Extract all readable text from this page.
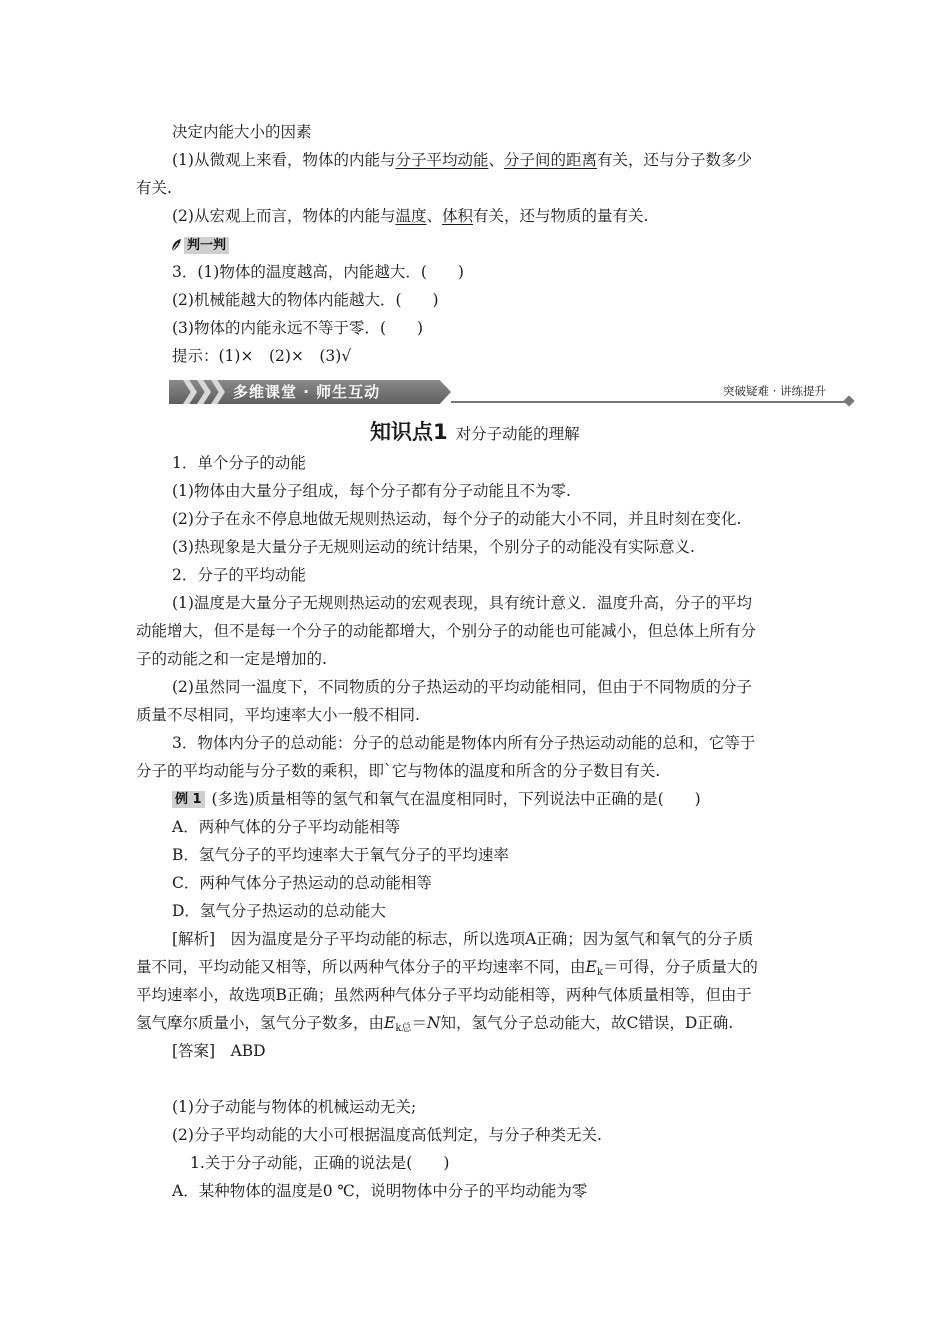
决定内能大小的因素
(1)从微观上来看，物体的内能与分子平均动能、分子间的距离有关，还与分子数多少
有关.
(2)从宏观上而言，物体的内能与温度、体积有关，还与物质的量有关.
判一判
3．(1)物体的温度越高，内能越大．(　　)
(2)机械能越大的物体内能越大．(　　)
(3)物体的内能永远不等于零．(　　)
提示：(1)×　(2)×　(3)√
多维课堂 · 师生互动	突破疑难 · 讲练提升
知识点1 对分子动能的理解
1．单个分子的动能
(1)物体由大量分子组成，每个分子都有分子动能且不为零.
(2)分子在永不停息地做无规则热运动，每个分子的动能大小不同，并且时刻在变化.
(3)热现象是大量分子无规则运动的统计结果，个别分子的动能没有实际意义.
2．分子的平均动能
(1)温度是大量分子无规则热运动的宏观表现，具有统计意义．温度升高，分子的平均
动能增大，但不是每一个分子的动能都增大，个别分子的动能也可能减小，但总体上所有分
子的动能之和一定是增加的.
(2)虽然同一温度下，不同物质的分子热运动的平均动能相同，但由于不同物质的分子
质量不尽相同，平均速率大小一般不相同.
3．物体内分子的总动能：分子的总动能是物体内所有分子热运动动能的总和，它等于
分子的平均动能与分子数的乘积，即`它与物体的温度和所含的分子数目有关.
例 1 (多选)质量相等的氢气和氧气在温度相同时，下列说法中正确的是(　　)
A．两种气体的分子平均动能相等
B．氢气分子的平均速率大于氧气分子的平均速率
C．两种气体分子热运动的总动能相等
D．氢气分子热运动的总动能大
[解析]　因为温度是分子平均动能的标志，所以选项A正确；因为氢气和氧气的分子质
量不同，平均动能又相等，所以两种气体分子的平均速率不同，由$E_k=$可得，分子质量大的
平均速率小，故选项B正确；虽然两种气体分子平均动能相等，两种气体质量相等，但由于
氢气摩尔质量小，氢气分子数多，由$E_{k总}=N$知，氢气分子总动能大，故C错误，D正确.
[答案]　ABD
(1)分子动能与物体的机械运动无关;
(2)分子平均动能的大小可根据温度高低判定，与分子种类无关.
1.关于分子动能，正确的说法是(　　)
A．某种物体的温度是0 ℃，说明物体中分子的平均动能为零
